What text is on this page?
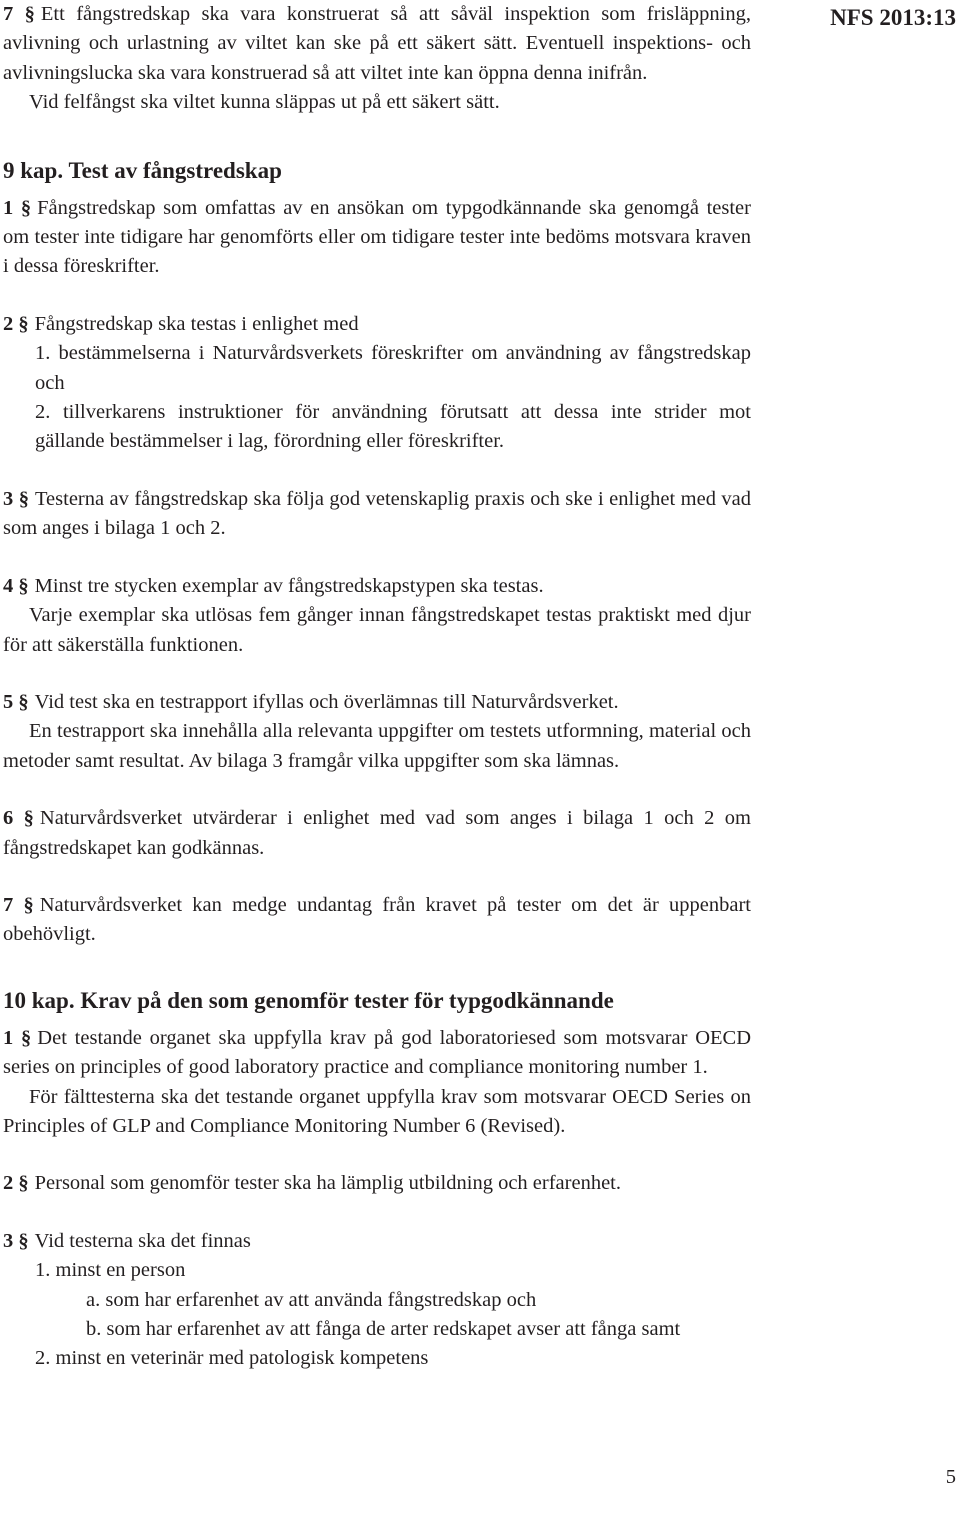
NFS 2013:13
5

7 § Ett fångstredskap ska vara konstruerat så att såväl inspektion som frisläppning, avlivning och urlastning av viltet kan ske på ett säkert sätt. Eventuell inspektions- och avlivningslucka ska vara konstruerad så att viltet inte kan öppna denna inifrån.

Vid felfångst ska viltet kunna släppas ut på ett säkert sätt.

9 kap. Test av fångstredskap

1 § Fångstredskap som omfattas av en ansökan om typgodkännande ska genomgå tester om tester inte tidigare har genomförts eller om tidigare tester inte bedöms motsvara kraven i dessa föreskrifter.

2 § Fångstredskap ska testas i enlighet med

1. bestämmelserna i Naturvårdsverkets föreskrifter om användning av fångstredskap och

2. tillverkarens instruktioner för användning förutsatt att dessa inte strider mot gällande bestämmelser i lag, förordning eller föreskrifter.

3 § Testerna av fångstredskap ska följa god vetenskaplig praxis och ske i enlighet med vad som anges i bilaga 1 och 2.

4 § Minst tre stycken exemplar av fångstredskapstypen ska testas.

Varje exemplar ska utlösas fem gånger innan fångstredskapet testas praktiskt med djur för att säkerställa funktionen.

5 § Vid test ska en testrapport ifyllas och överlämnas till Naturvårdsverket.

En testrapport ska innehålla alla relevanta uppgifter om testets utformning, material och metoder samt resultat. Av bilaga 3 framgår vilka uppgifter som ska lämnas.

6 § Naturvårdsverket utvärderar i enlighet med vad som anges i bilaga 1 och 2 om fångstredskapet kan godkännas.

7 § Naturvårdsverket kan medge undantag från kravet på tester om det är uppenbart obehövligt.

10 kap. Krav på den som genomför tester för typgodkännande

1 § Det testande organet ska uppfylla krav på god laboratoriesed som motsvarar OECD series on principles of good laboratory practice and compliance monitoring number 1.

För fälttesterna ska det testande organet uppfylla krav som motsvarar OECD Series on Principles of GLP and Compliance Monitoring Number 6 (Revised).

2 § Personal som genomför tester ska ha lämplig utbildning och erfarenhet.

3 § Vid testerna ska det finnas

1. minst en person

a. som har erfarenhet av att använda fångstredskap och

b. som har erfarenhet av att fånga de arter redskapet avser att fånga samt

2. minst en veterinär med patologisk kompetens
